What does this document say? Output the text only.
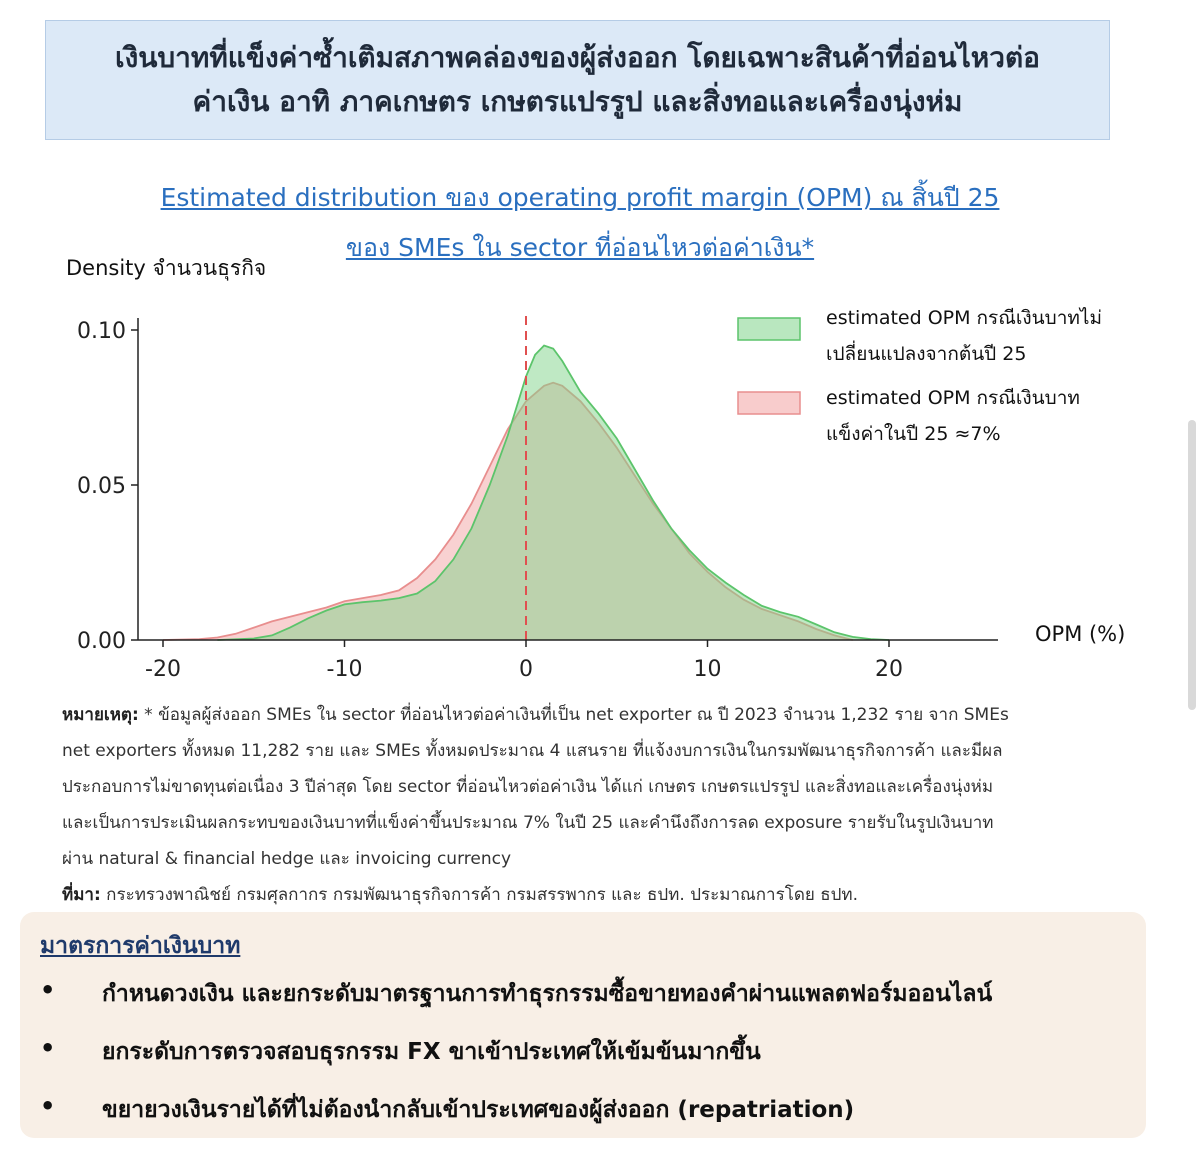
เงินบาทที่แข็งค่าซ้ำเติมสภาพคล่องของผู้ส่งออก โดยเฉพาะสินค้าที่อ่อนไหวต่อ
ค่าเงิน อาทิ ภาคเกษตร เกษตรแปรรูป และสิ่งทอและเครื่องนุ่งห่ม
Estimated distribution ของ operating profit margin (OPM) ณ สิ้นปี 25
ของ SMEs ใน sector ที่อ่อนไหวต่อค่าเงิน*
Density จำนวนธุรกิจ
OPM (%)
-20	-10	0	10	20
0.00
0.05
0.10
estimated OPM กรณีเงินบาทไม่
เปลี่ยนแปลงจากต้นปี 25
estimated OPM กรณีเงินบาท
แข็งค่าในปี 25 ≈7%

หมายเหตุ: * ข้อมูลผู้ส่งออก SMEs ใน sector ที่อ่อนไหวต่อค่าเงินที่เป็น net exporter ณ ปี 2023 จำนวน 1,232 ราย จาก SMEs

net exporters ทั้งหมด 11,282 ราย และ SMEs ทั้งหมดประมาณ 4 แสนราย ที่แจ้งงบการเงินในกรมพัฒนาธุรกิจการค้า และมีผล

ประกอบการไม่ขาดทุนต่อเนื่อง 3 ปีล่าสุด โดย sector ที่อ่อนไหวต่อค่าเงิน ได้แก่ เกษตร เกษตรแปรรูป และสิ่งทอและเครื่องนุ่งห่ม

และเป็นการประเมินผลกระทบของเงินบาทที่แข็งค่าขึ้นประมาณ 7% ในปี 25 และคำนึงถึงการลด exposure รายรับในรูปเงินบาท

ผ่าน natural & financial hedge และ invoicing currency

ที่มา: กระทรวงพาณิชย์ กรมศุลกากร กรมพัฒนาธุรกิจการค้า กรมสรรพากร และ ธปท. ประมาณการโดย ธปท.

มาตรการค่าเงินบาท
• กำหนดวงเงิน และยกระดับมาตรฐานการทำธุรกรรมซื้อขายทองคำผ่านแพลตฟอร์มออนไลน์
• ยกระดับการตรวจสอบธุรกรรม FX ขาเข้าประเทศให้เข้มข้นมากขึ้น
• ขยายวงเงินรายได้ที่ไม่ต้องนำกลับเข้าประเทศของผู้ส่งออก (repatriation)
